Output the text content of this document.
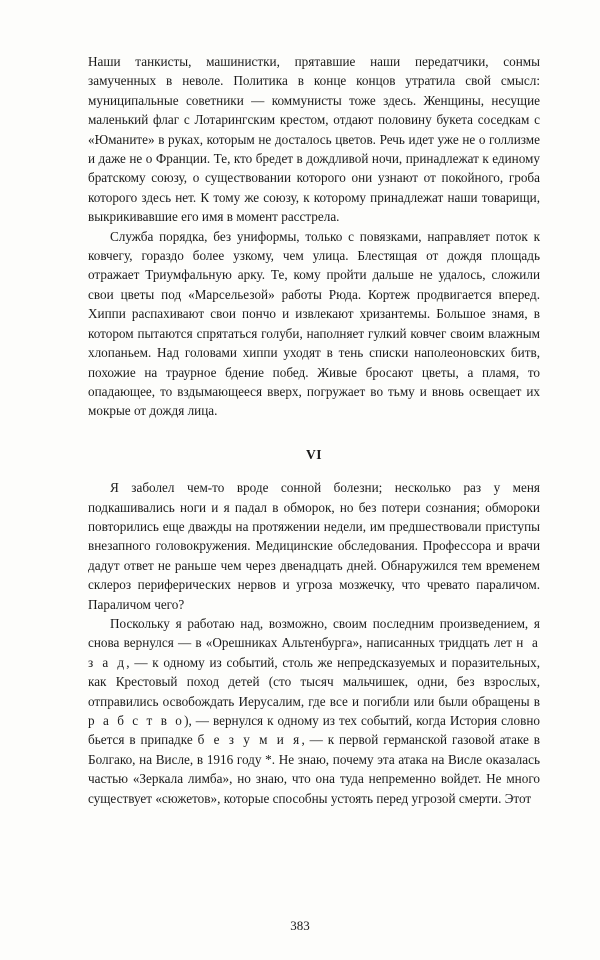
Наши танкисты, машинистки, прятавшие наши передатчики, сонмы замученных в неволе. Политика в конце концов утратила свой смысл: муниципальные советники — коммунисты тоже здесь. Женщины, несущие маленький флаг с Лотарингским крестом, отдают половину букета соседкам с «Юманите» в руках, которым не досталось цветов. Речь идет уже не о голлизме и даже не о Франции. Те, кто бредет в дождливой ночи, принадлежат к единому братскому союзу, о существовании которого они узнают от покойного, гроба которого здесь нет. К тому же союзу, к которому принадлежат наши товарищи, выкрикивавшие его имя в момент расстрела.

Служба порядка, без униформы, только с повязками, направляет поток к ковчегу, гораздо более узкому, чем улица. Блестящая от дождя площадь отражает Триумфальную арку. Те, кому пройти дальше не удалось, сложили свои цветы под «Марсельезой» работы Рюда. Кортеж продвигается вперед. Хиппи распахивают свои пончо и извлекают хризантемы. Большое знамя, в котором пытаются спрятаться голуби, наполняет гулкий ковчег своим влажным хлопаньем. Над головами хиппи уходят в тень списки наполеоновских битв, похожие на траурное бдение побед. Живые бросают цветы, а пламя, то опадающее, то вздымающееся вверх, погружает во тьму и вновь освещает их мокрые от дождя лица.

VI

Я заболел чем-то вроде сонной болезни; несколько раз у меня подкашивались ноги и я падал в обморок, но без потери сознания; обмороки повторились еще дважды на протяжении недели, им предшествовали приступы внезапного головокружения. Медицинские обследования. Профессора и врачи дадут ответ не раньше чем через двенадцать дней. Обнаружился тем временем склероз периферических нервов и угроза мозжечку, что чревато параличом. Параличом чего?

Поскольку я работаю над, возможно, своим последним произведением, я снова вернулся — в «Орешниках Альтенбурга», написанных тридцать лет н а з а д, — к одному из событий, столь же непредсказуемых и поразительных, как Крестовый поход детей (сто тысяч мальчишек, одни, без взрослых, отправились освобождать Иерусалим, где все и погибли или были обращены в р а б с т в о), — вернулся к одному из тех событий, когда История словно бьется в припадке б е з у м и я, — к первой германской газовой атаке в Болгако, на Висле, в 1916 году *. Не знаю, почему эта атака на Висле оказалась частью «Зеркала лимба», но знаю, что она туда непременно войдет. Не много существует «сюжетов», которые способны устоять перед угрозой смерти. Этот

383
